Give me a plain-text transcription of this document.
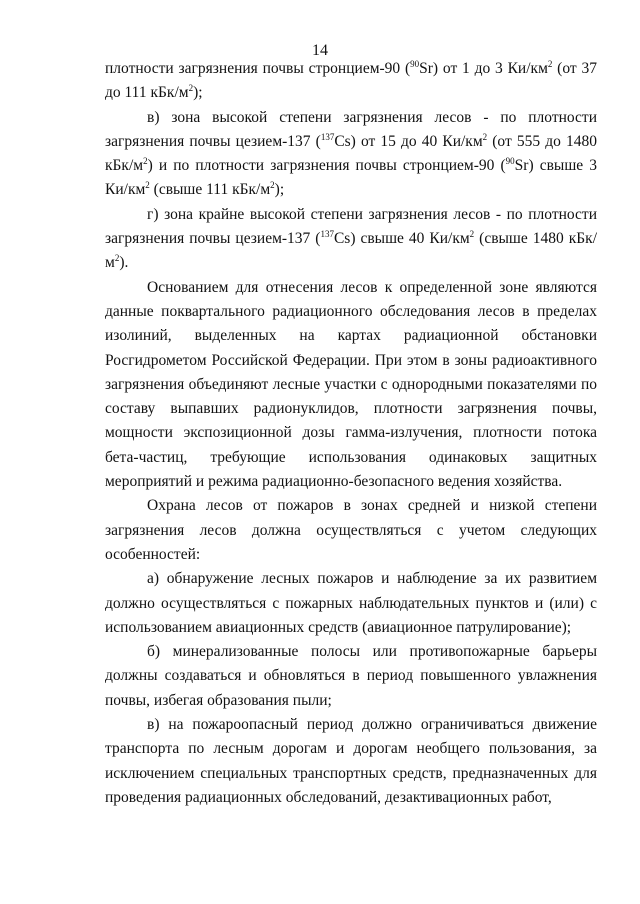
14

плотности загрязнения почвы стронцием-90 ($^{90}$Sr) от 1 до 3 $Ки/км^2$ (от 37 до 111 кБк/$м^2$);

в) зона высокой степени загрязнения лесов - по плотности загрязнения почвы цезием-137 ($^{137}$Cs) от 15 до 40 $Ки/км^2$ (от 555 до 1480 кБк/$м^2$) и по плотности загрязнения почвы стронцием-90 ($^{90}$Sr) свыше 3 $Ки/км^2$ (свыше 111 кБк/$м^2$);

г) зона крайне высокой степени загрязнения лесов - по плотности загрязнения почвы цезием-137 ($^{137}$Cs) свыше 40 $Ки/км^2$ (свыше 1480 кБк/$м^2$).

Основанием для отнесения лесов к определенной зоне являются данные поквартального радиационного обследования лесов в пределах изолиний, выделенных на картах радиационной обстановки Росгидрометом Российской Федерации. При этом в зоны радиоактивного загрязнения объединяют лесные участки с однородными показателями по составу выпавших радионуклидов, плотности загрязнения почвы, мощности экспозиционной дозы гамма-излучения, плотности потока бета-частиц, требующие использования одинаковых защитных мероприятий и режима радиационно-безопасного ведения хозяйства.

Охрана лесов от пожаров в зонах средней и низкой степени загрязнения лесов должна осуществляться с учетом следующих особенностей:

а) обнаружение лесных пожаров и наблюдение за их развитием должно осуществляться с пожарных наблюдательных пунктов и (или) с использованием авиационных средств (авиационное патрулирование);

б) минерализованные полосы или противопожарные барьеры должны создаваться и обновляться в период повышенного увлажнения почвы, избегая образования пыли;

в) на пожароопасный период должно ограничиваться движение транспорта по лесным дорогам и дорогам необщего пользования, за исключением специальных транспортных средств, предназначенных для проведения радиационных обследований, дезактивационных работ,
